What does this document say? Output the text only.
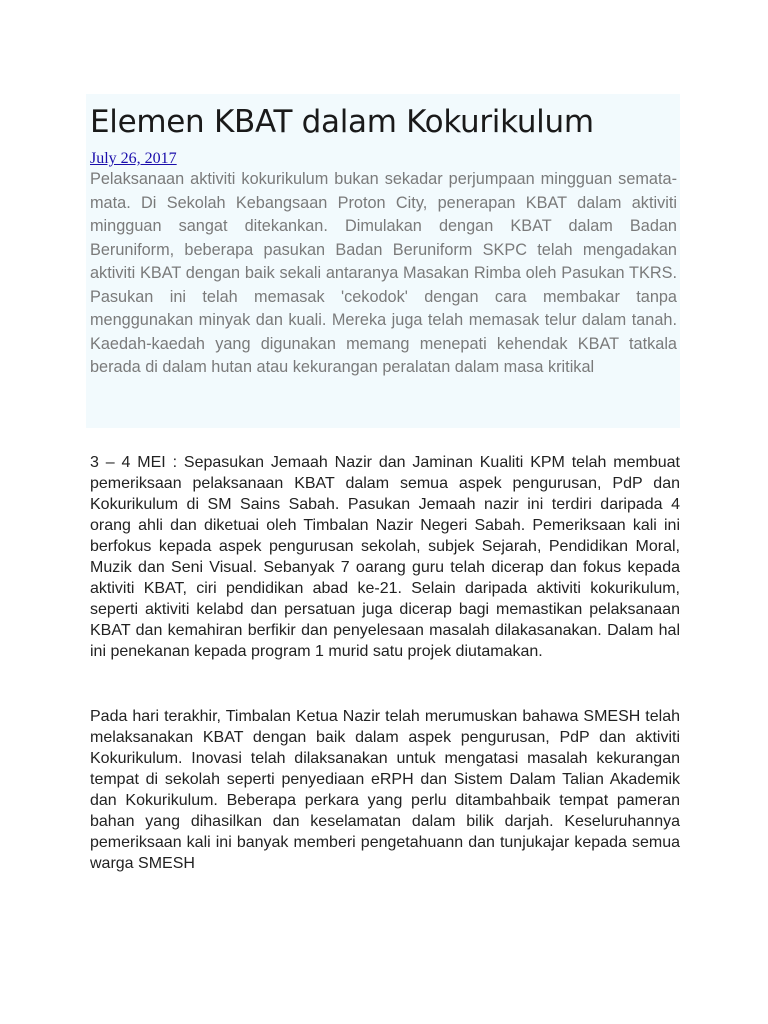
Elemen KBAT dalam Kokurikulum
July 26, 2017

Pelaksanaan aktiviti kokurikulum bukan sekadar perjumpaan mingguan semata-mata. Di Sekolah Kebangsaan Proton City, penerapan KBAT dalam aktiviti mingguan sangat ditekankan. Dimulakan dengan KBAT dalam Badan Beruniform, beberapa pasukan Badan Beruniform SKPC telah mengadakan aktiviti KBAT dengan baik sekali antaranya Masakan Rimba oleh Pasukan TKRS. Pasukan ini telah memasak 'cekodok' dengan cara membakar tanpa menggunakan minyak dan kuali. Mereka juga telah memasak telur dalam tanah. Kaedah-kaedah yang digunakan memang menepati kehendak KBAT tatkala berada di dalam hutan atau kekurangan peralatan dalam masa kritikal

3 – 4 MEI : Sepasukan Jemaah Nazir dan Jaminan Kualiti KPM telah membuat pemeriksaan pelaksanaan KBAT dalam semua aspek pengurusan, PdP dan Kokurikulum di SM Sains Sabah. Pasukan Jemaah nazir ini terdiri daripada 4 orang ahli dan diketuai oleh Timbalan Nazir Negeri Sabah. Pemeriksaan kali ini berfokus kepada aspek pengurusan sekolah, subjek Sejarah, Pendidikan Moral, Muzik dan Seni Visual. Sebanyak 7 oarang guru telah dicerap dan fokus kepada aktiviti KBAT, ciri pendidikan abad ke-21. Selain daripada aktiviti kokurikulum, seperti aktiviti kelabd dan persatuan juga dicerap bagi memastikan pelaksanaan KBAT dan kemahiran berfikir dan penyelesaan masalah dilakasanakan. Dalam hal ini penekanan kepada program 1 murid satu projek diutamakan.

Pada hari terakhir, Timbalan Ketua Nazir telah merumuskan bahawa SMESH telah melaksanakan KBAT dengan baik dalam aspek pengurusan, PdP dan aktiviti Kokurikulum. Inovasi telah dilaksanakan untuk mengatasi masalah kekurangan tempat di sekolah seperti penyediaan eRPH dan Sistem Dalam Talian Akademik dan Kokurikulum. Beberapa perkara yang perlu ditambahbaik tempat pameran bahan yang dihasilkan dan keselamatan dalam bilik darjah. Keseluruhannya pemeriksaan kali ini banyak memberi pengetahuann dan tunjukajar kepada semua warga SMESH
